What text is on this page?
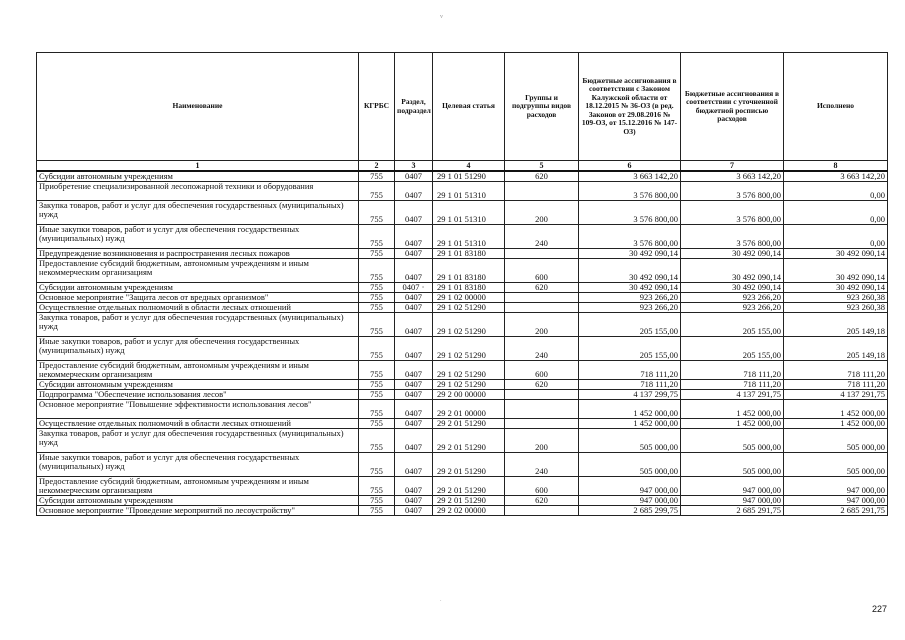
v
Наименование	КГРБС	Раздел, подраздел	Целевая статья	Группы и подгруппы видов расходов	Бюджетные ассигнования в соответствии с Законом Калужской области от 18.12.2015 № 36-ОЗ (в ред. Законов от 29.08.2016 № 109-ОЗ, от 15.12.2016 № 147-ОЗ)	Бюджетные ассигнования в соответствии с уточненной бюджетной росписью расходов	Исполнено
1	2	3	4	5	6	7	8
Субсидии автономным учреждениям	755	0407	29 1 01 51290	620	3 663 142,20	3 663 142,20	3 663 142,20
Приобретение специализированной лесопожарной техники и оборудования	755	0407	29 1 01 51310		3 576 800,00	3 576 800,00	0,00
Закупка товаров, работ и услуг для обеспечения государственных (муниципальных) нужд	755	0407	29 1 01 51310	200	3 576 800,00	3 576 800,00	0,00
Иные закупки товаров, работ и услуг для обеспечения государственных (муниципальных) нужд	755	0407	29 1 01 51310	240	3 576 800,00	3 576 800,00	0,00
Предупреждение возникновения и распространения лесных пожаров	755	0407	29 1 01 83180		30 492 090,14	30 492 090,14	30 492 090,14
Предоставление субсидий бюджетным, автономным учреждениям и иным некоммерческим организациям	755	0407	29 1 01 83180	600	30 492 090,14	30 492 090,14	30 492 090,14
Субсидии автономным учреждениям	755	0407 ·	29 1 01 83180	620	30 492 090,14	30 492 090,14	30 492 090,14
Основное мероприятие "Защита лесов от вредных организмов"	755	0407	29 1 02 00000		923 266,20	923 266,20	923 260,38
Осуществление отдельных полномочий в области лесных отношений	755	0407	29 1 02 51290		923 266,20	923 266,20	923 260,38
Закупка товаров, работ и услуг для обеспечения государственных (муниципальных) нужд	755	0407	29 1 02 51290	200	205 155,00	205 155,00	205 149,18
Иные закупки товаров, работ и услуг для обеспечения государственных (муниципальных) нужд	755	0407	29 1 02 51290	240	205 155,00	205 155,00	205 149,18
Предоставление субсидий бюджетным, автономным учреждениям и иным некоммерческим организациям	755	0407	29 1 02 51290	600	718 111,20	718 111,20	718 111,20
Субсидии автономным учреждениям	755	0407	29 1 02 51290	620	718 111,20	718 111,20	718 111,20
Подпрограмма "Обеспечение использования лесов"	755	0407	29 2 00 00000		4 137 299,75	4 137 291,75	4 137 291,75
Основное мероприятие "Повышение эффективности использования лесов"	755	0407	29 2 01 00000		1 452 000,00	1 452 000,00	1 452 000,00
Осуществление отдельных полномочий в области лесных отношений	755	0407	29 2 01 51290		1 452 000,00	1 452 000,00	1 452 000,00
Закупка товаров, работ и услуг для обеспечения государственных (муниципальных) нужд	755	0407	29 2 01 51290	200	505 000,00	505 000,00	505 000,00
Иные закупки товаров, работ и услуг для обеспечения государственных (муниципальных) нужд	755	0407	29 2 01 51290	240	505 000,00	505 000,00	505 000,00
Предоставление субсидий бюджетным, автономным учреждениям и иным некоммерческим организациям	755	0407	29 2 01 51290	600	947 000,00	947 000,00	947 000,00
Субсидии автономным учреждениям	755	0407	29 2 01 51290	620	947 000,00	947 000,00	947 000,00
Основное мероприятие "Проведение мероприятий по лесоустройству"	755	0407	29 2 02 00000		2 685 299,75	2 685 291,75	2 685 291,75
.
227
